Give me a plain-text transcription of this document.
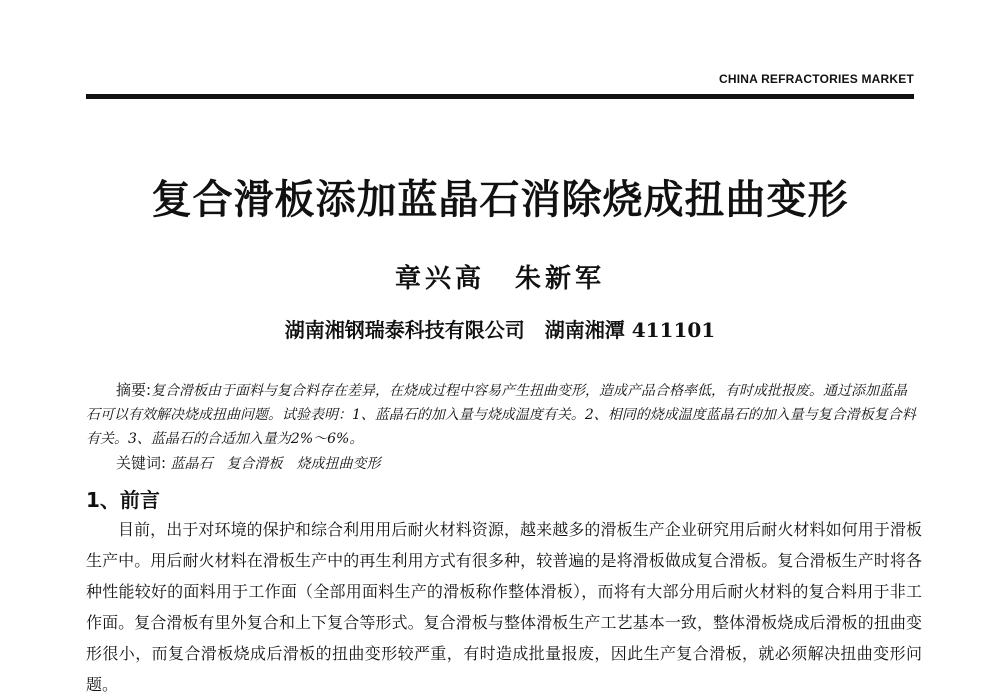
CHINA REFRACTORIES MARKET
复合滑板添加蓝晶石消除烧成扭曲变形
章兴高　朱新军
湖南湘钢瑞泰科技有限公司　湖南湘潭 411101
摘要:复合滑板由于面料与复合料存在差异，在烧成过程中容易产生扭曲变形，造成产品合格率低，有时成批报废。通过添加蓝晶石可以有效解决烧成扭曲问题。试验表明：1、蓝晶石的加入量与烧成温度有关。2、相同的烧成温度蓝晶石的加入量与复合滑板复合料有关。3、蓝晶石的合适加入量为2%～6%。
关键词: 蓝晶石　复合滑板　烧成扭曲变形
1、前言
目前，出于对环境的保护和综合利用用后耐火材料资源，越来越多的滑板生产企业研究用后耐火材料如何用于滑板生产中。用后耐火材料在滑板生产中的再生利用方式有很多种，较普遍的是将滑板做成复合滑板。复合滑板生产时将各种性能较好的面料用于工作面（全部用面料生产的滑板称作整体滑板），而将有大部分用后耐火材料的复合料用于非工作面。复合滑板有里外复合和上下复合等形式。复合滑板与整体滑板生产工艺基本一致，整体滑板烧成后滑板的扭曲变形很小，而复合滑板烧成后滑板的扭曲变形较严重，有时造成批量报废，因此生产复合滑板，就必须解决扭曲变形问题。
